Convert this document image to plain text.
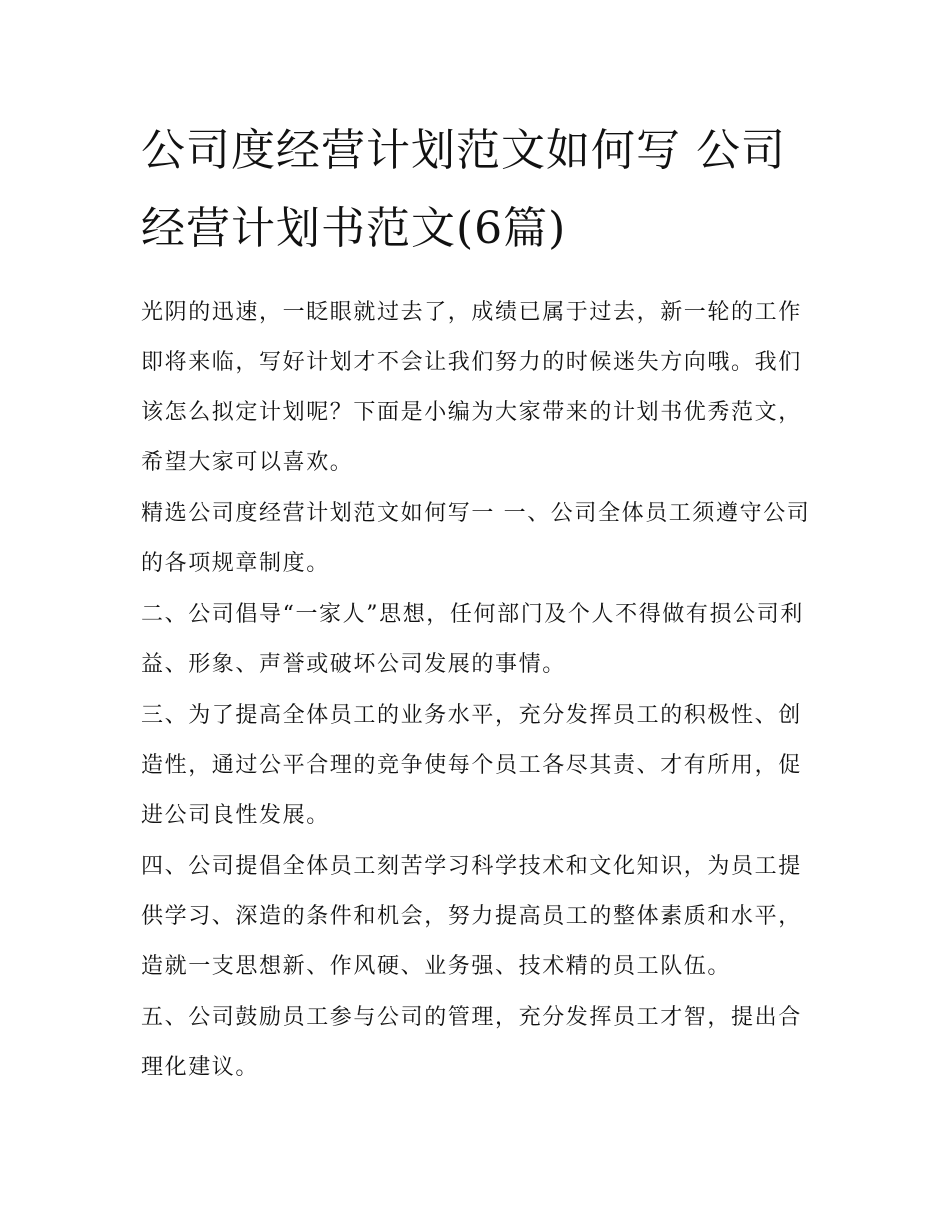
公司度经营计划范文如何写 公司经营计划书范文(6篇)

光阴的迅速，一眨眼就过去了，成绩已属于过去，新一轮的工作即将来临，写好计划才不会让我们努力的时候迷失方向哦。我们该怎么拟定计划呢？下面是小编为大家带来的计划书优秀范文，希望大家可以喜欢。

精选公司度经营计划范文如何写一 一、公司全体员工须遵守公司的各项规章制度。

二、公司倡导“一家人”思想，任何部门及个人不得做有损公司利益、形象、声誉或破坏公司发展的事情。

三、为了提高全体员工的业务水平，充分发挥员工的积极性、创造性，通过公平合理的竞争使每个员工各尽其责、才有所用，促进公司良性发展。

四、公司提倡全体员工刻苦学习科学技术和文化知识，为员工提供学习、深造的条件和机会，努力提高员工的整体素质和水平，造就一支思想新、作风硬、业务强、技术精的员工队伍。

五、公司鼓励员工参与公司的管理，充分发挥员工才智，提出合理化建议。
